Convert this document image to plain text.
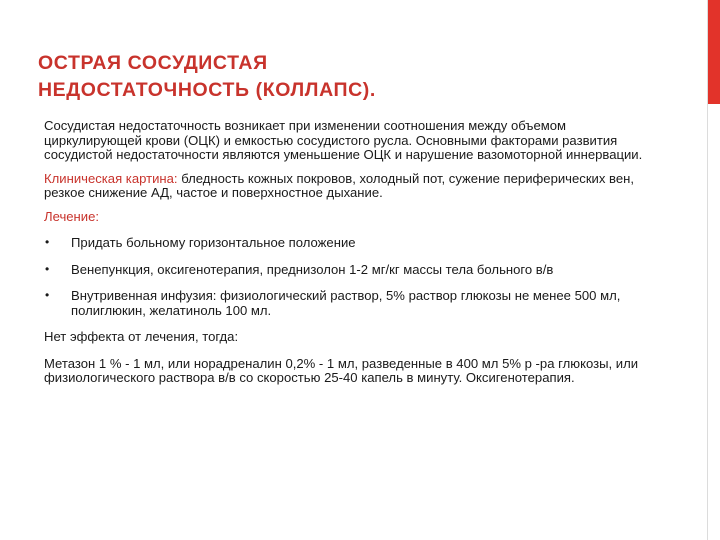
ОСТРАЯ СОСУДИСТАЯ
НЕДОСТАТОЧНОСТЬ (КОЛЛАПС).

Сосудистая недостаточность возникает при изменении соотношения между объемом циркулирующей крови (ОЦК) и емкостью сосудистого русла. Основными факторами развития сосудистой недостаточности являются уменьшение ОЦК и нарушение вазомоторной иннервации.

Клиническая картина: бледность кожных покровов, холодный пот, сужение периферических вен, резкое снижение АД, частое и поверхностное дыхание.

Лечение:

• Придать больному горизонтальное положение
• Венепункция, оксигенотерапия, преднизолон 1-2 мг/кг массы тела больного в/в
• Внутривенная инфузия: физиологический раствор, 5% раствор глюкозы не менее 500 мл, полиглюкин, желатиноль 100 мл.

Нет эффекта от лечения, тогда:

Метазон 1 % - 1 мл, или норадреналин 0,2% - 1 мл, разведенные в 400 мл 5% р -ра глюкозы, или физиологического раствора в/в со скоростью 25-40 капель в минуту. Оксигенотерапия.
